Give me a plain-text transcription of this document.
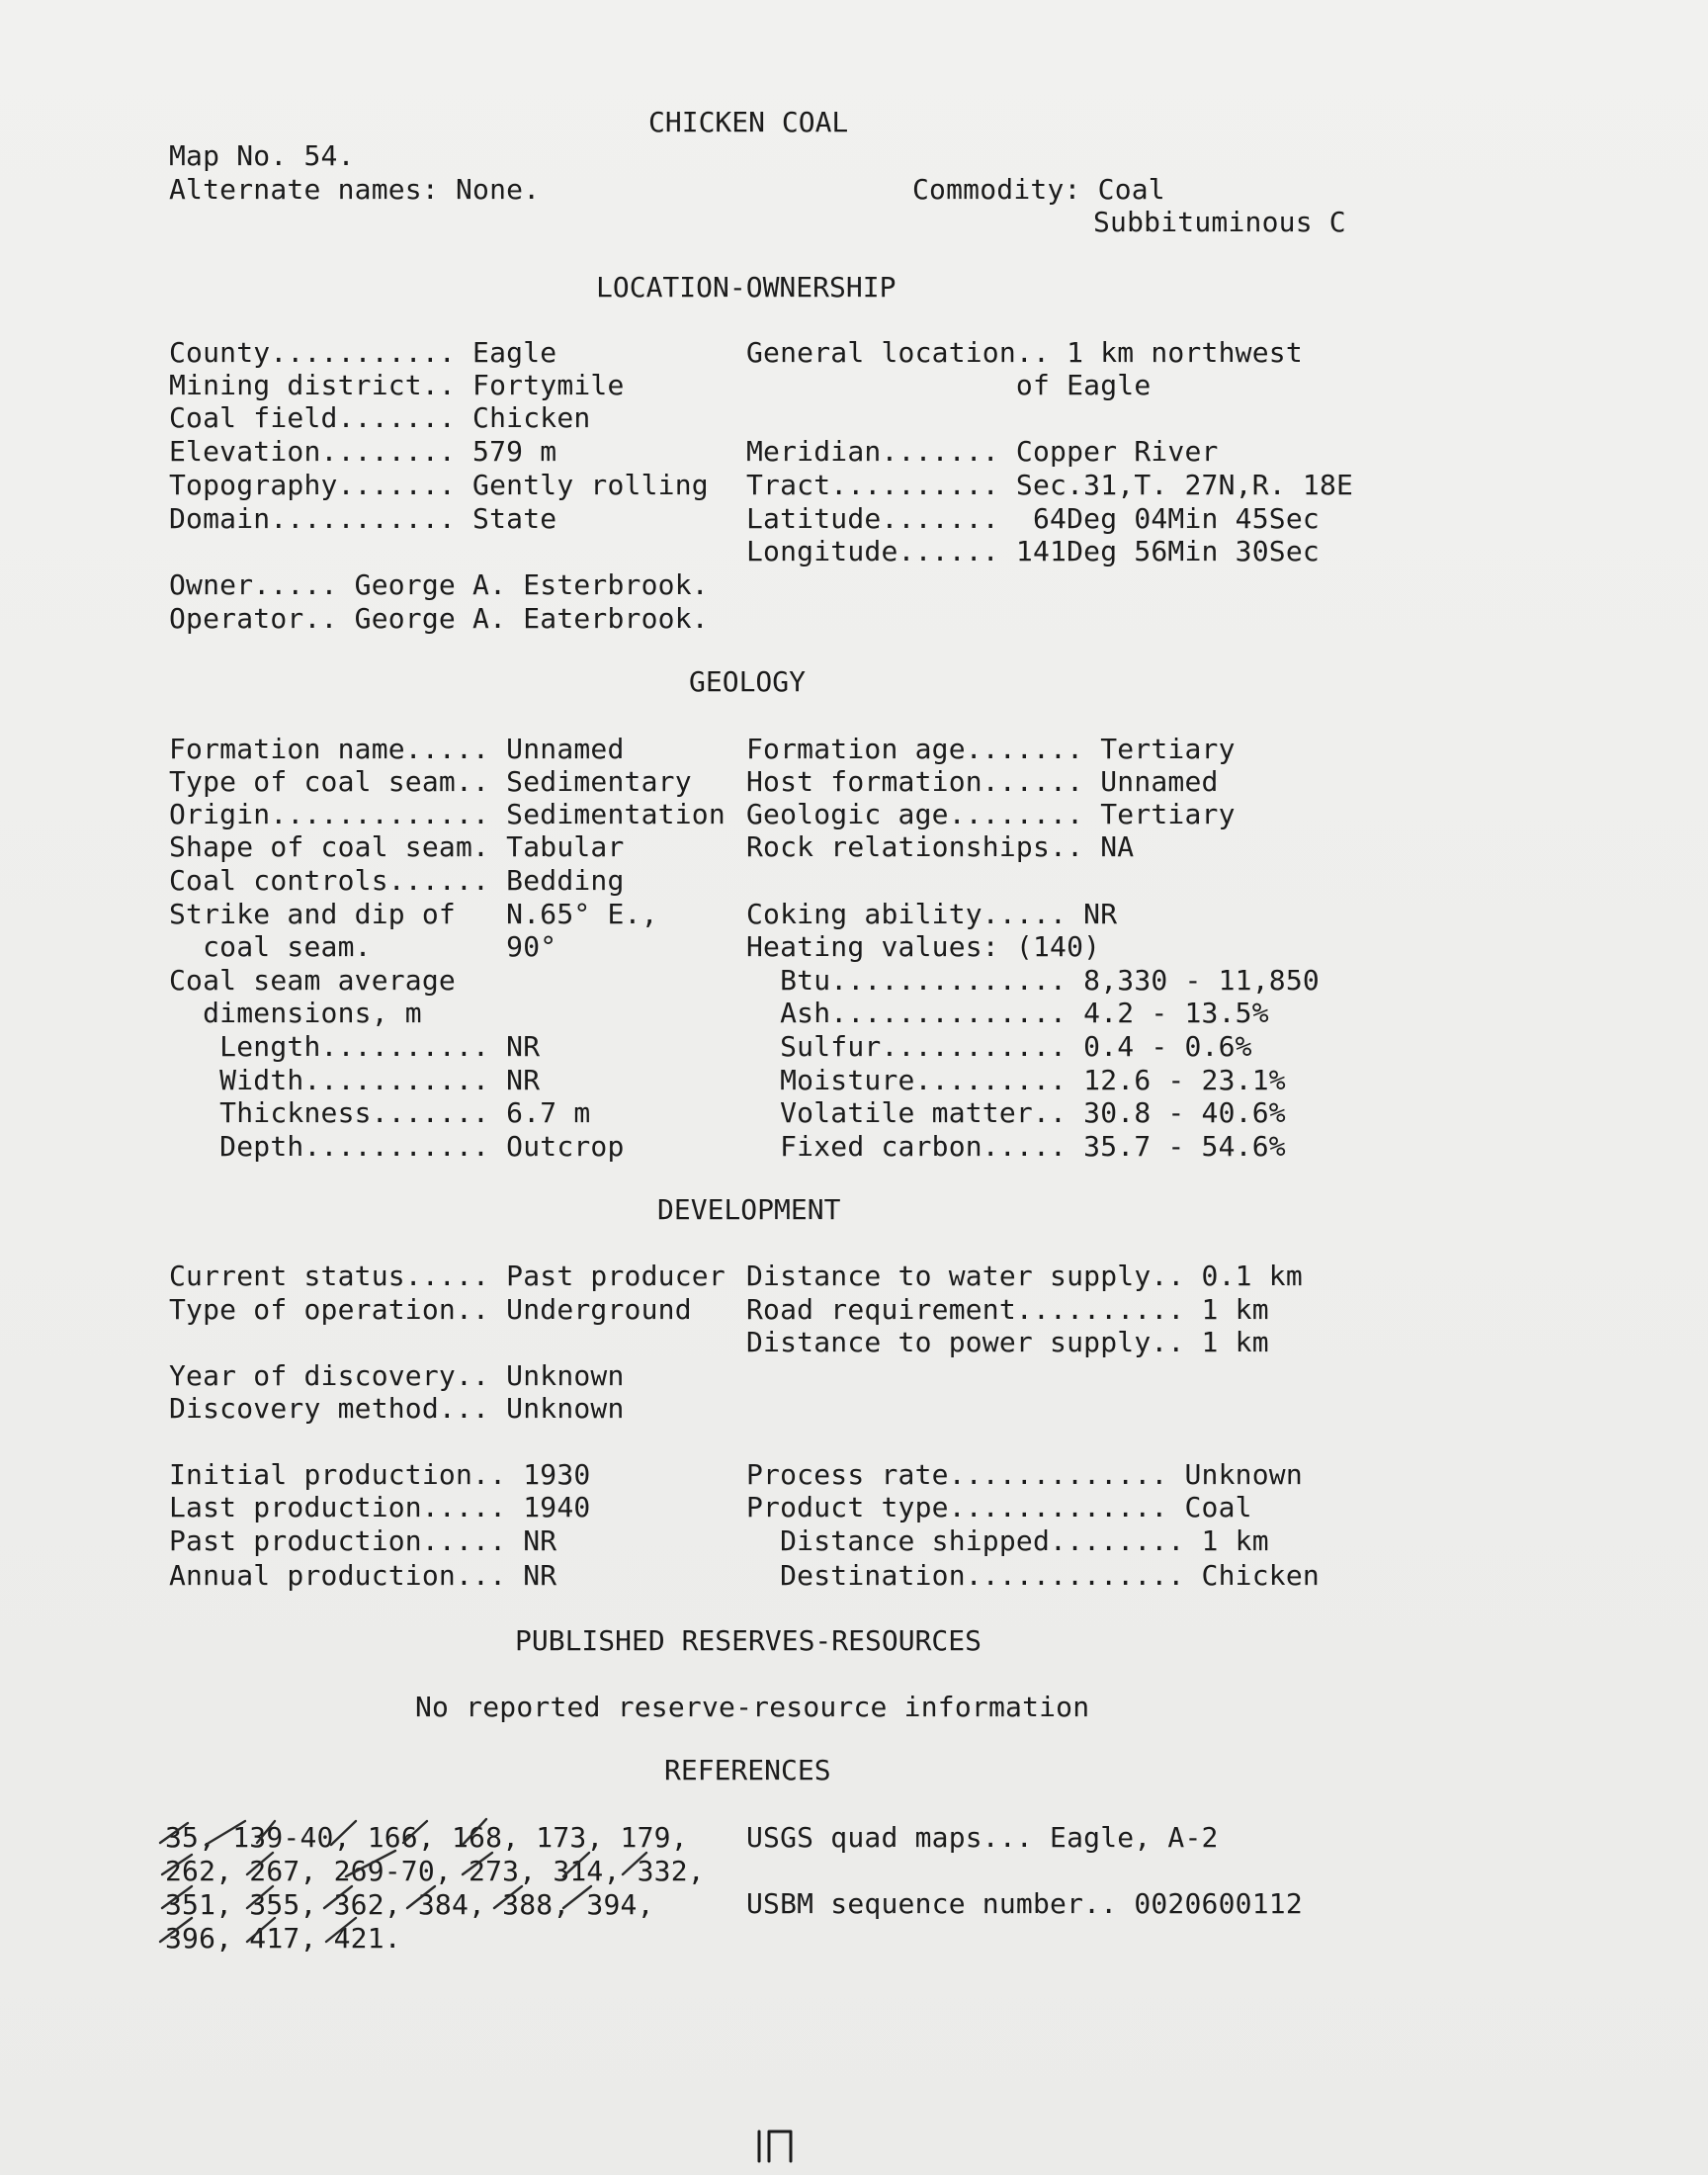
CHICKEN COAL
Map No. 54.
Alternate names: None.	Commodity: Coal
Subbituminous C
LOCATION-OWNERSHIP
County........... Eagle
Mining district.. Fortymile
Coal field....... Chicken
Elevation........ 579 m
Topography....... Gently rolling
Domain........... State
General location.. 1 km northwest
of Eagle
Meridian....... Copper River
Tract.......... Sec.31,T. 27N,R. 18E
Latitude.......  64Deg 04Min 45Sec
Longitude...... 141Deg 56Min 30Sec
Owner..... George A. Esterbrook.
Operator.. George A. Eaterbrook.
GEOLOGY
Formation name..... Unnamed
Type of coal seam.. Sedimentary
Origin............. Sedimentation
Shape of coal seam. Tabular
Coal controls...... Bedding
Strike and dip of   N.65° E.,
coal seam.        90°
Coal seam average
dimensions, m
Length.......... NR
Width........... NR
Thickness....... 6.7 m
Depth........... Outcrop
Formation age....... Tertiary
Host formation...... Unnamed
Geologic age........ Tertiary
Rock relationships.. NA
Coking ability..... NR
Heating values: (140)
Btu.............. 8,330 - 11,850
Ash.............. 4.2 - 13.5%
Sulfur........... 0.4 - 0.6%
Moisture......... 12.6 - 23.1%
Volatile matter.. 30.8 - 40.6%
Fixed carbon..... 35.7 - 54.6%
DEVELOPMENT
Current status..... Past producer
Type of operation.. Underground
Distance to water supply.. 0.1 km
Road requirement.......... 1 km
Distance to power supply.. 1 km
Year of discovery.. Unknown
Discovery method... Unknown
Initial production.. 1930
Last production..... 1940
Past production..... NR
Annual production... NR
Process rate............. Unknown
Product type............. Coal
Distance shipped........ 1 km
Destination............. Chicken
PUBLISHED RESERVES-RESOURCES
No reported reserve-resource information
REFERENCES
35, 139-40, 166, 168, 173, 179,
262, 267, 269-70, 273, 314, 332,
351, 355, 362, 384, 388, 394,
396, 417, 421.
USGS quad maps... Eagle, A-2
USBM sequence number.. 0020600112
